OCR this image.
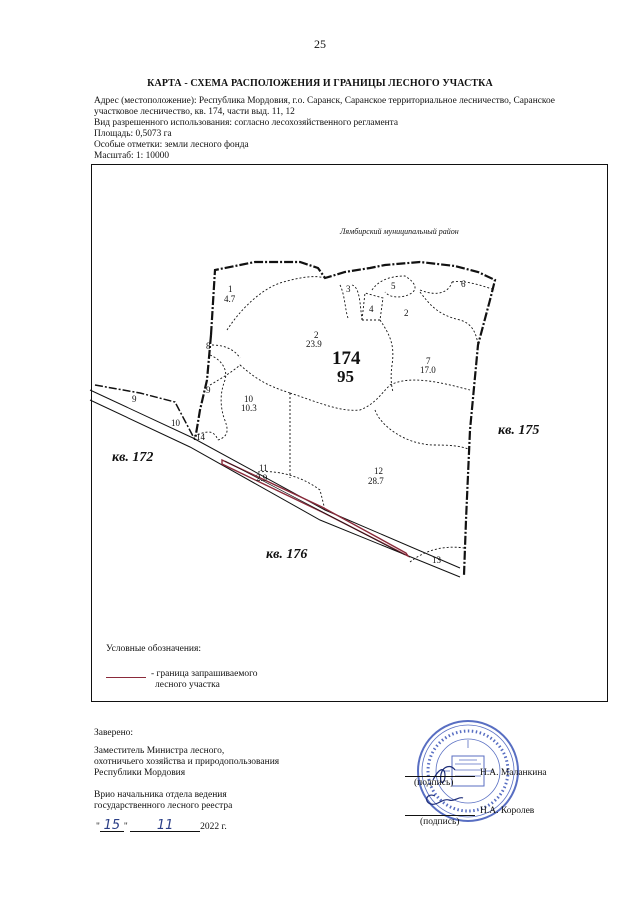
25
КАРТА - СХЕМА РАСПОЛОЖЕНИЯ И ГРАНИЦЫ ЛЕСНОГО УЧАСТКА
Адрес (местоположение): Республика Мордовия, г.о. Саранск, Саранское территориальное лесничество, Саранское
участковое лесничество, кв. 174, части выд. 11, 12
Вид разрешенного использования: согласно лесохозяйственного регламента
Площадь: 0,5073 га
Особые отметки: земли лесного фонда
Масштаб: 1: 10000
Лямбирский муниципальный район
174
95
кв. 172
кв. 175
кв. 176
1
4.7
2
23.9
3
4
5	6
2
7
17.0
8
9
9	10
10.3
10
14
11
2.9
12
28.7
13
Условные обозначения:
- граница запрашиваемого
лесного участка
Заверено:
Заместитель Министра лесного,
охотничьего хозяйства и природопользования
Республики Мордовия
Врио начальника отдела ведения
государственного лесного реестра
" 15 " 11	2022 г.
Н.А. Маланкина
(подпись)
Н.А. Королев
(подпись)
